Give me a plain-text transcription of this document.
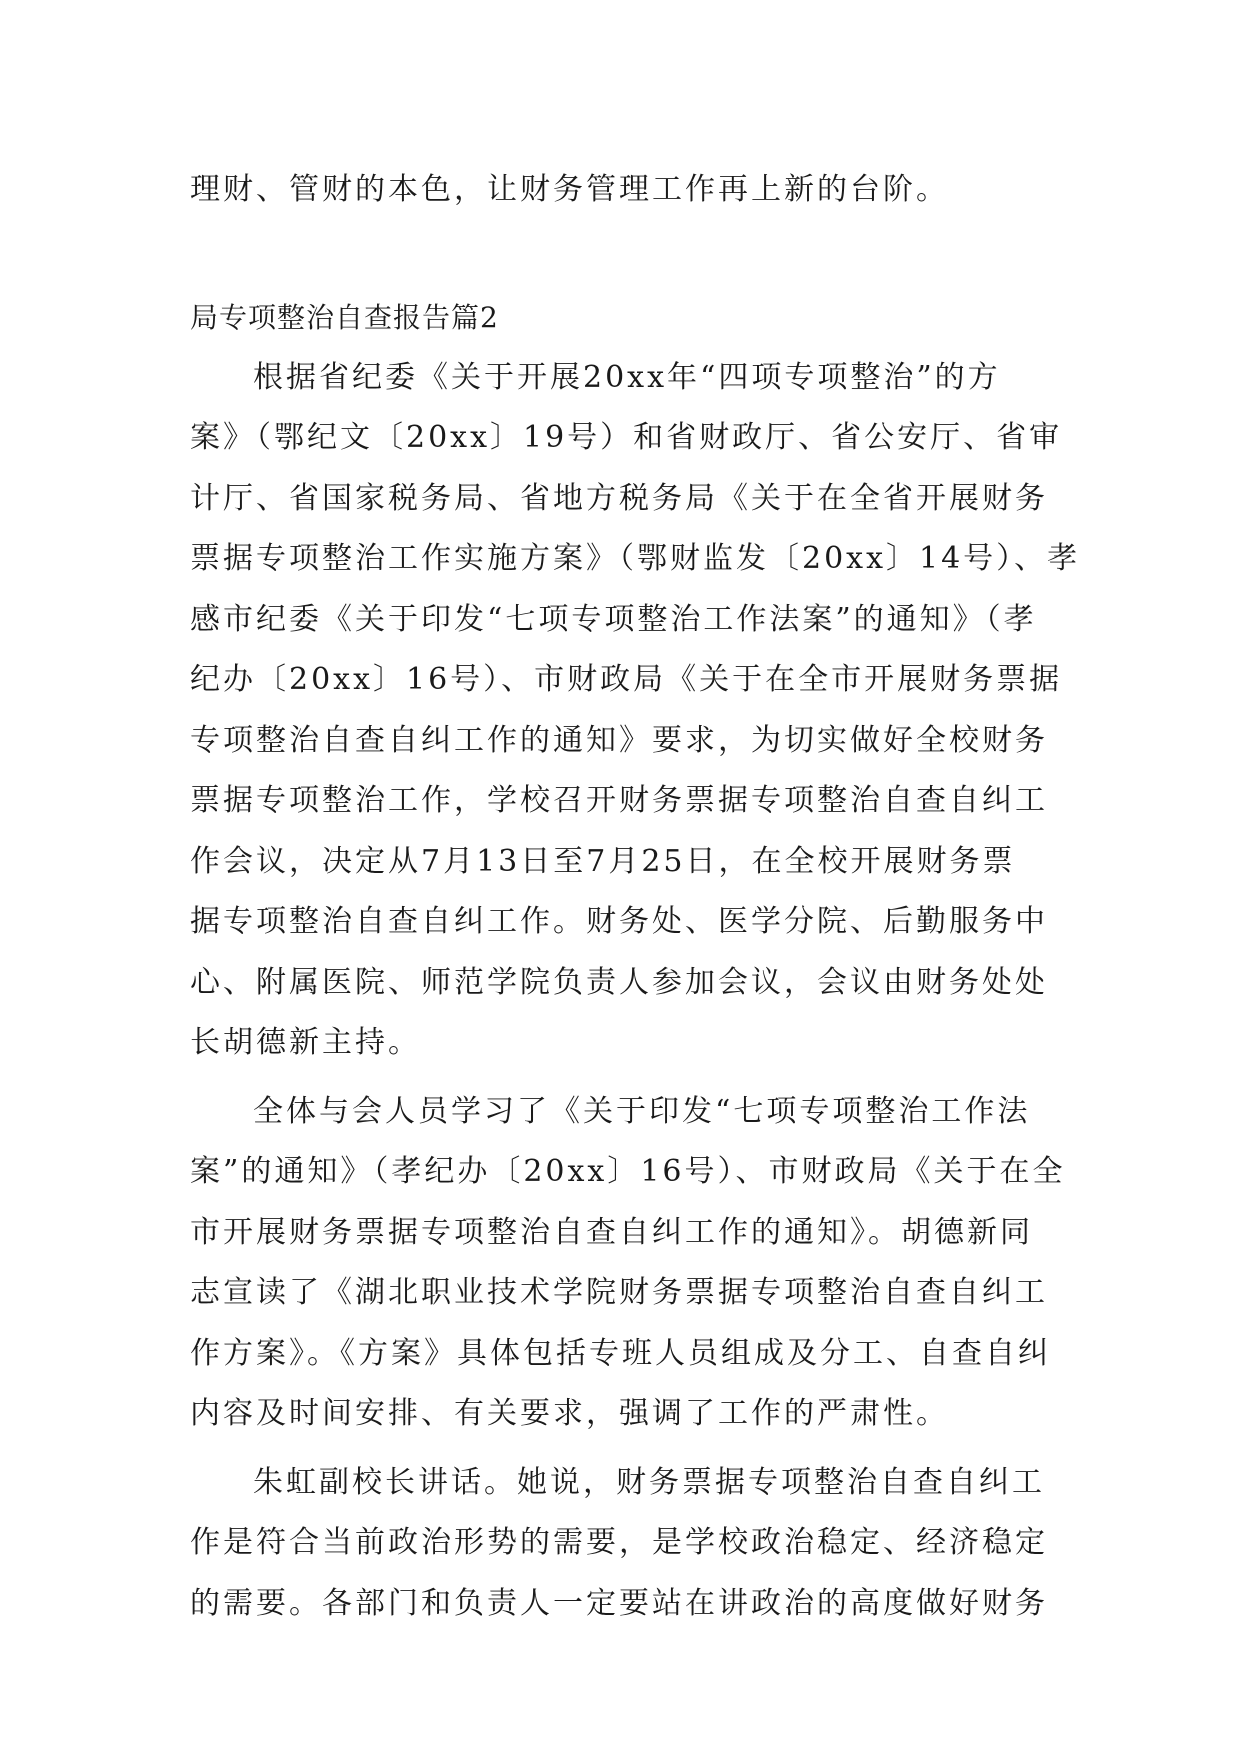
理财、管财的本色，让财务管理工作再上新的台阶。
局专项整治自查报告篇2
根据省纪委《关于开展20xx年“四项专项整治”的方
案》（鄂纪文〔20xx〕19号）和省财政厅、省公安厅、省审
计厅、省国家税务局、省地方税务局《关于在全省开展财务
票据专项整治工作实施方案》（鄂财监发〔20xx〕14号）、孝
感市纪委《关于印发“七项专项整治工作法案”的通知》（孝
纪办〔20xx〕16号）、市财政局《关于在全市开展财务票据
专项整治自查自纠工作的通知》要求，为切实做好全校财务
票据专项整治工作，学校召开财务票据专项整治自查自纠工
作会议，决定从7月13日至7月25日，在全校开展财务票
据专项整治自查自纠工作。财务处、医学分院、后勤服务中
心、附属医院、师范学院负责人参加会议，会议由财务处处
长胡德新主持。
全体与会人员学习了《关于印发“七项专项整治工作法
案”的通知》（孝纪办〔20xx〕16号）、市财政局《关于在全
市开展财务票据专项整治自查自纠工作的通知》。胡德新同
志宣读了《湖北职业技术学院财务票据专项整治自查自纠工
作方案》。《方案》具体包括专班人员组成及分工、自查自纠
内容及时间安排、有关要求，强调了工作的严肃性。
朱虹副校长讲话。她说，财务票据专项整治自查自纠工
作是符合当前政治形势的需要，是学校政治稳定、经济稳定
的需要。各部门和负责人一定要站在讲政治的高度做好财务
